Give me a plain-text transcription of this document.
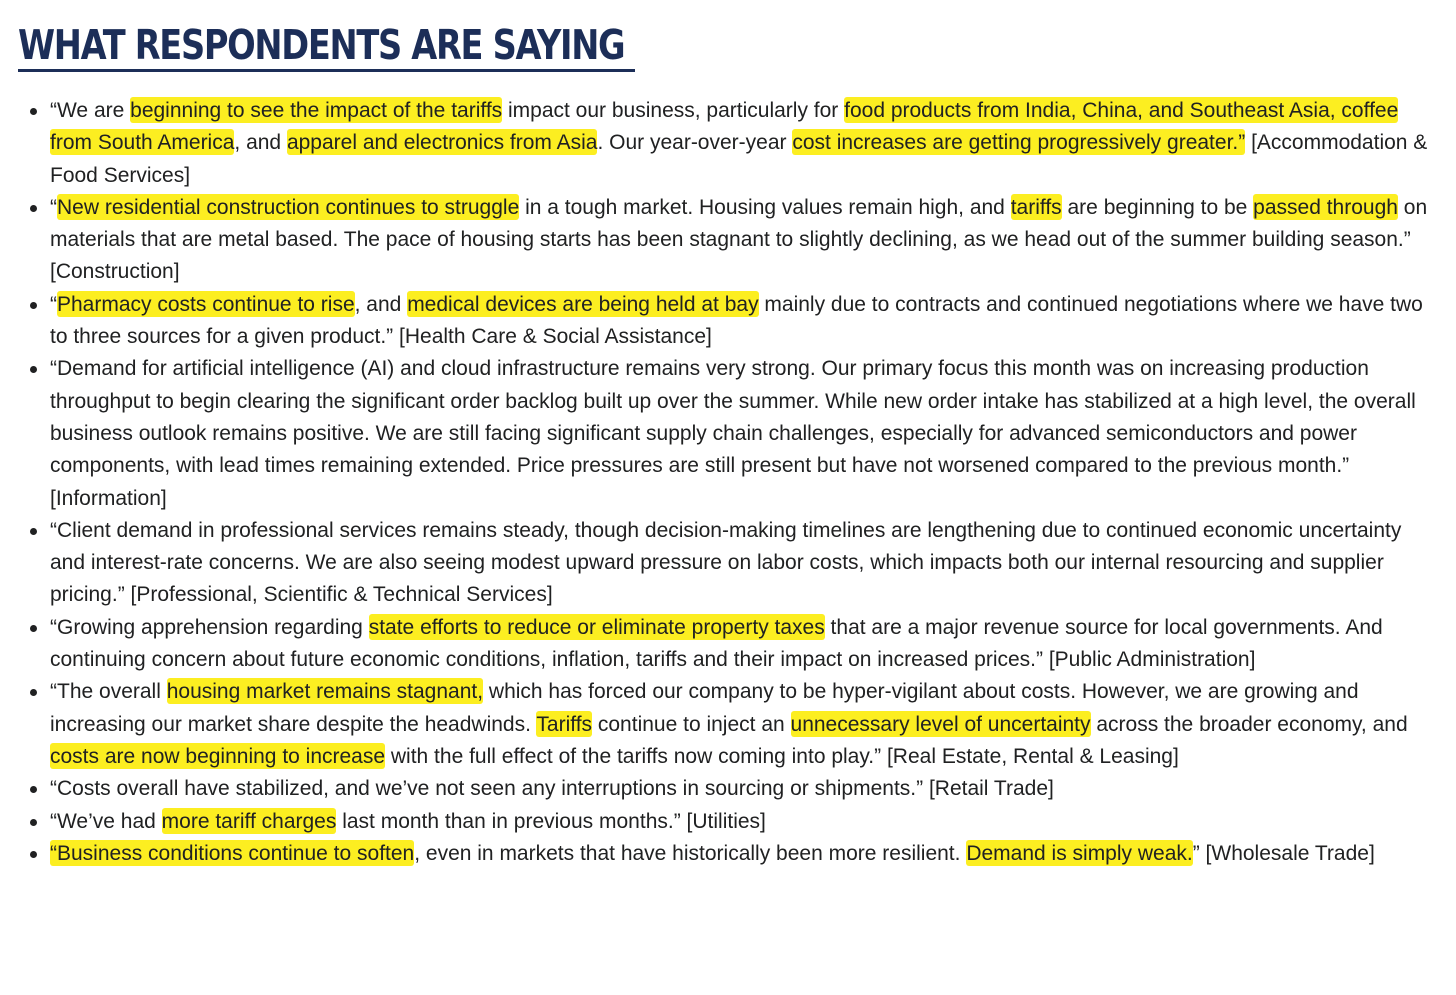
WHAT RESPONDENTS ARE SAYING
“We are beginning to see the impact of the tariffs impact our business, particularly for food products from India, China, and Southeast Asia, coffee from South America, and apparel and electronics from Asia. Our year-over-year cost increases are getting progressively greater.” [Accommodation & Food Services]
“New residential construction continues to struggle in a tough market. Housing values remain high, and tariffs are beginning to be passed through on materials that are metal based. The pace of housing starts has been stagnant to slightly declining, as we head out of the summer building season.” [Construction]
“Pharmacy costs continue to rise, and medical devices are being held at bay mainly due to contracts and continued negotiations where we have two to three sources for a given product.” [Health Care & Social Assistance]
“Demand for artificial intelligence (AI) and cloud infrastructure remains very strong. Our primary focus this month was on increasing production throughput to begin clearing the significant order backlog built up over the summer. While new order intake has stabilized at a high level, the overall business outlook remains positive. We are still facing significant supply chain challenges, especially for advanced semiconductors and power components, with lead times remaining extended. Price pressures are still present but have not worsened compared to the previous month.” [Information]
“Client demand in professional services remains steady, though decision-making timelines are lengthening due to continued economic uncertainty and interest-rate concerns. We are also seeing modest upward pressure on labor costs, which impacts both our internal resourcing and supplier pricing.” [Professional, Scientific & Technical Services]
“Growing apprehension regarding state efforts to reduce or eliminate property taxes that are a major revenue source for local governments. And continuing concern about future economic conditions, inflation, tariffs and their impact on increased prices.” [Public Administration]
“The overall housing market remains stagnant, which has forced our company to be hyper-vigilant about costs. However, we are growing and increasing our market share despite the headwinds. Tariffs continue to inject an unnecessary level of uncertainty across the broader economy, and costs are now beginning to increase with the full effect of the tariffs now coming into play.” [Real Estate, Rental & Leasing]
“Costs overall have stabilized, and we’ve not seen any interruptions in sourcing or shipments.” [Retail Trade]
“We’ve had more tariff charges last month than in previous months.” [Utilities]
“Business conditions continue to soften, even in markets that have historically been more resilient. Demand is simply weak.” [Wholesale Trade]
